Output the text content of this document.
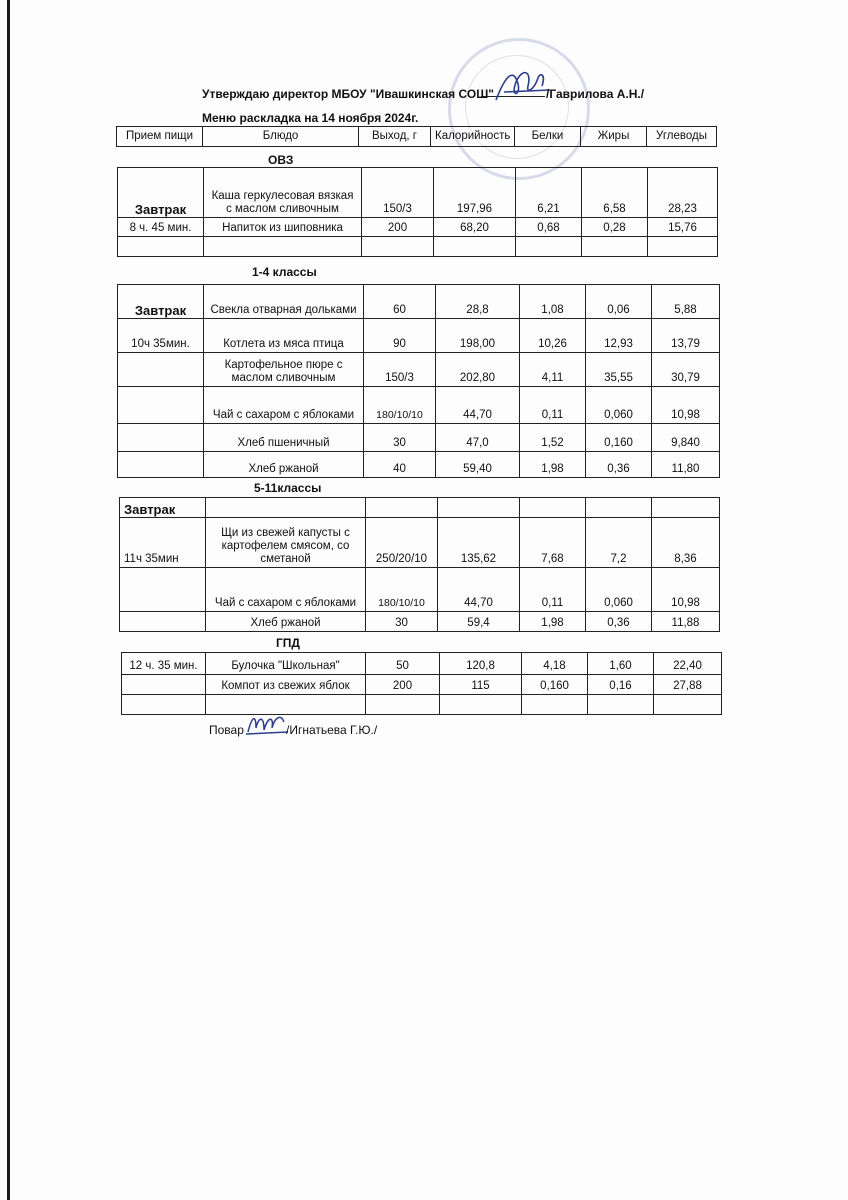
Утверждаю директор МБОУ "Ивашкинская СОШ"	/Гаврилова А.Н./
Меню раскладка на 14 ноября 2024г.
Прием пищи	Блюдо	Выход, г	Калорийность	Белки	Жиры	Углеводы
ОВЗ
Завтрак	Каша геркулесовая вязкая с маслом сливочным	150/3	197,96	6,21	6,58	28,23
8 ч. 45 мин.	Напиток из шиповника	200	68,20	0,68	0,28	15,76

1-4 классы
Завтрак	Свекла отварная дольками	60	28,8	1,08	0,06	5,88
10ч 35мин.	Котлета из мяса птица	90	198,00	10,26	12,93	13,79
	Картофельное пюре с маслом сливочным	150/3	202,80	4,11	35,55	30,79
	Чай с сахаром с яблоками	180/10/10	44,70	0,11	0,060	10,98
	Хлеб пшеничный	30	47,0	1,52	0,160	9,840
	Хлеб ржаной	40	59,40	1,98	0,36	11,80
5-11классы
Завтрак						
11ч 35мин	Щи из свежей капусты с картофелем смясом, со сметаной	250/20/10	135,62	7,68	7,2	8,36
	Чай с сахаром с яблоками	180/10/10	44,70	0,11	0,060	10,98
	Хлеб ржаной	30	59,4	1,98	0,36	11,88
ГПД
12 ч. 35 мин.	Булочка "Школьная"	50	120,8	4,18	1,60	22,40
	Компот из свежих яблок	200	115	0,160	0,16	27,88

Повар	/Игнатьева Г.Ю./
